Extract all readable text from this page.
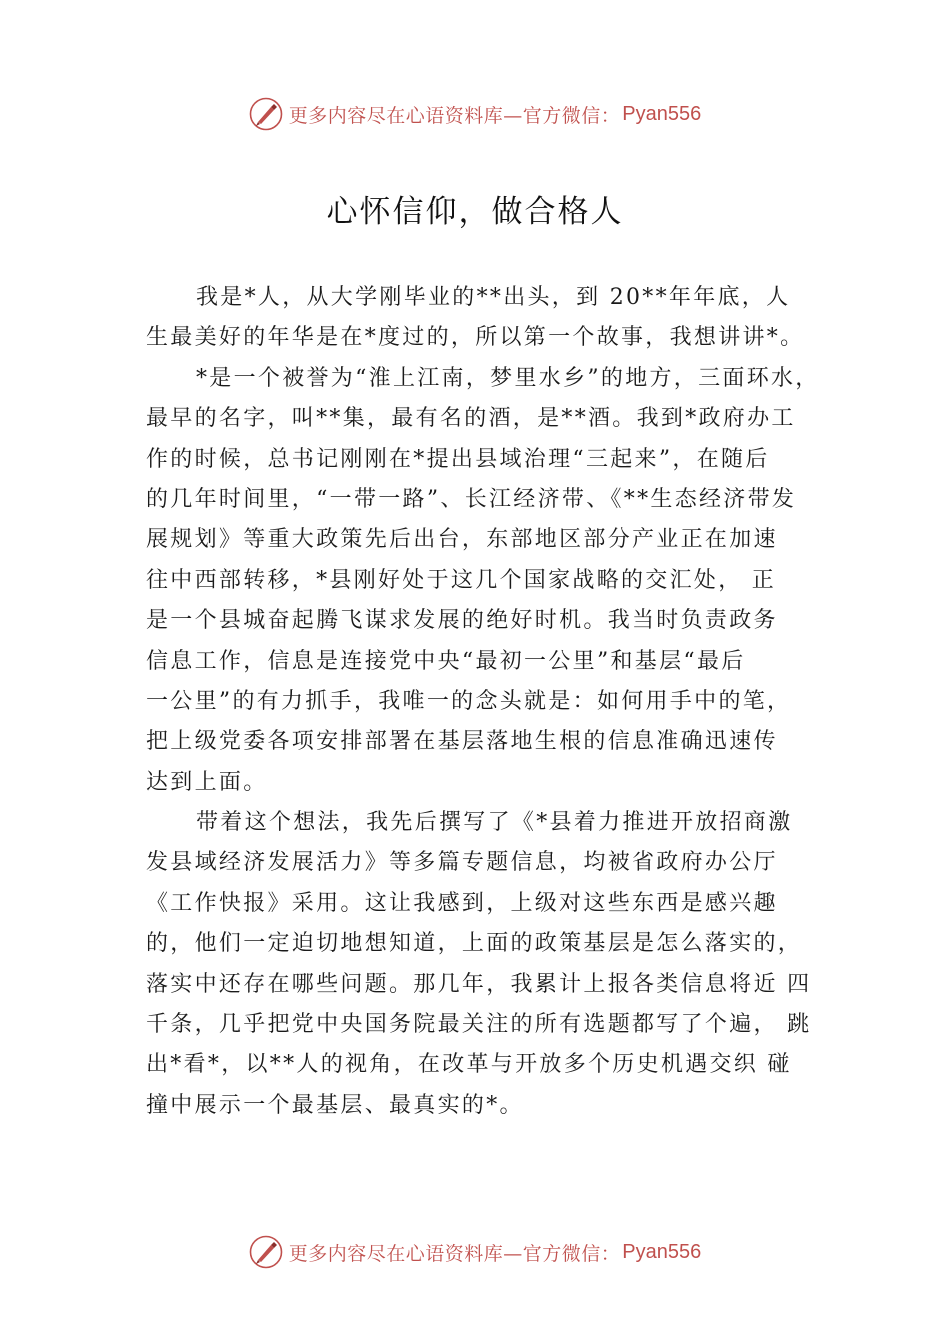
更多内容尽在心语资料库—官方微信： Pyan556
心怀信仰，做合格人
我是*人，从大学刚毕业的**出头，到 20**年年底，人
生最美好的年华是在*度过的，所以第一个故事，我想讲讲*。
*是一个被誉为“淮上江南，梦里水乡”的地方，三面环水，
最早的名字，叫**集，最有名的酒，是**酒。我到*政府办工
作的时候，总书记刚刚在*提出县域治理“三起来”，在随后
的几年时间里，“一带一路”、长江经济带、《**生态经济带发
展规划》等重大政策先后出台，东部地区部分产业正在加速
往中西部转移，*县刚好处于这几个国家战略的交汇处， 正
是一个县城奋起腾飞谋求发展的绝好时机。我当时负责政务
信息工作，信息是连接党中央“最初一公里”和基层“最后
一公里”的有力抓手，我唯一的念头就是：如何用手中的笔，
把上级党委各项安排部署在基层落地生根的信息准确迅速传
达到上面。
带着这个想法，我先后撰写了《*县着力推进开放招商激
发县域经济发展活力》等多篇专题信息，均被省政府办公厅
《工作快报》采用。这让我感到，上级对这些东西是感兴趣
的，他们一定迫切地想知道，上面的政策基层是怎么落实的，
落实中还存在哪些问题。那几年，我累计上报各类信息将近 四
千条，几乎把党中央国务院最关注的所有选题都写了个遍， 跳
出*看*，以**人的视角，在改革与开放多个历史机遇交织 碰
撞中展示一个最基层、最真实的*。
更多内容尽在心语资料库—官方微信： Pyan556
